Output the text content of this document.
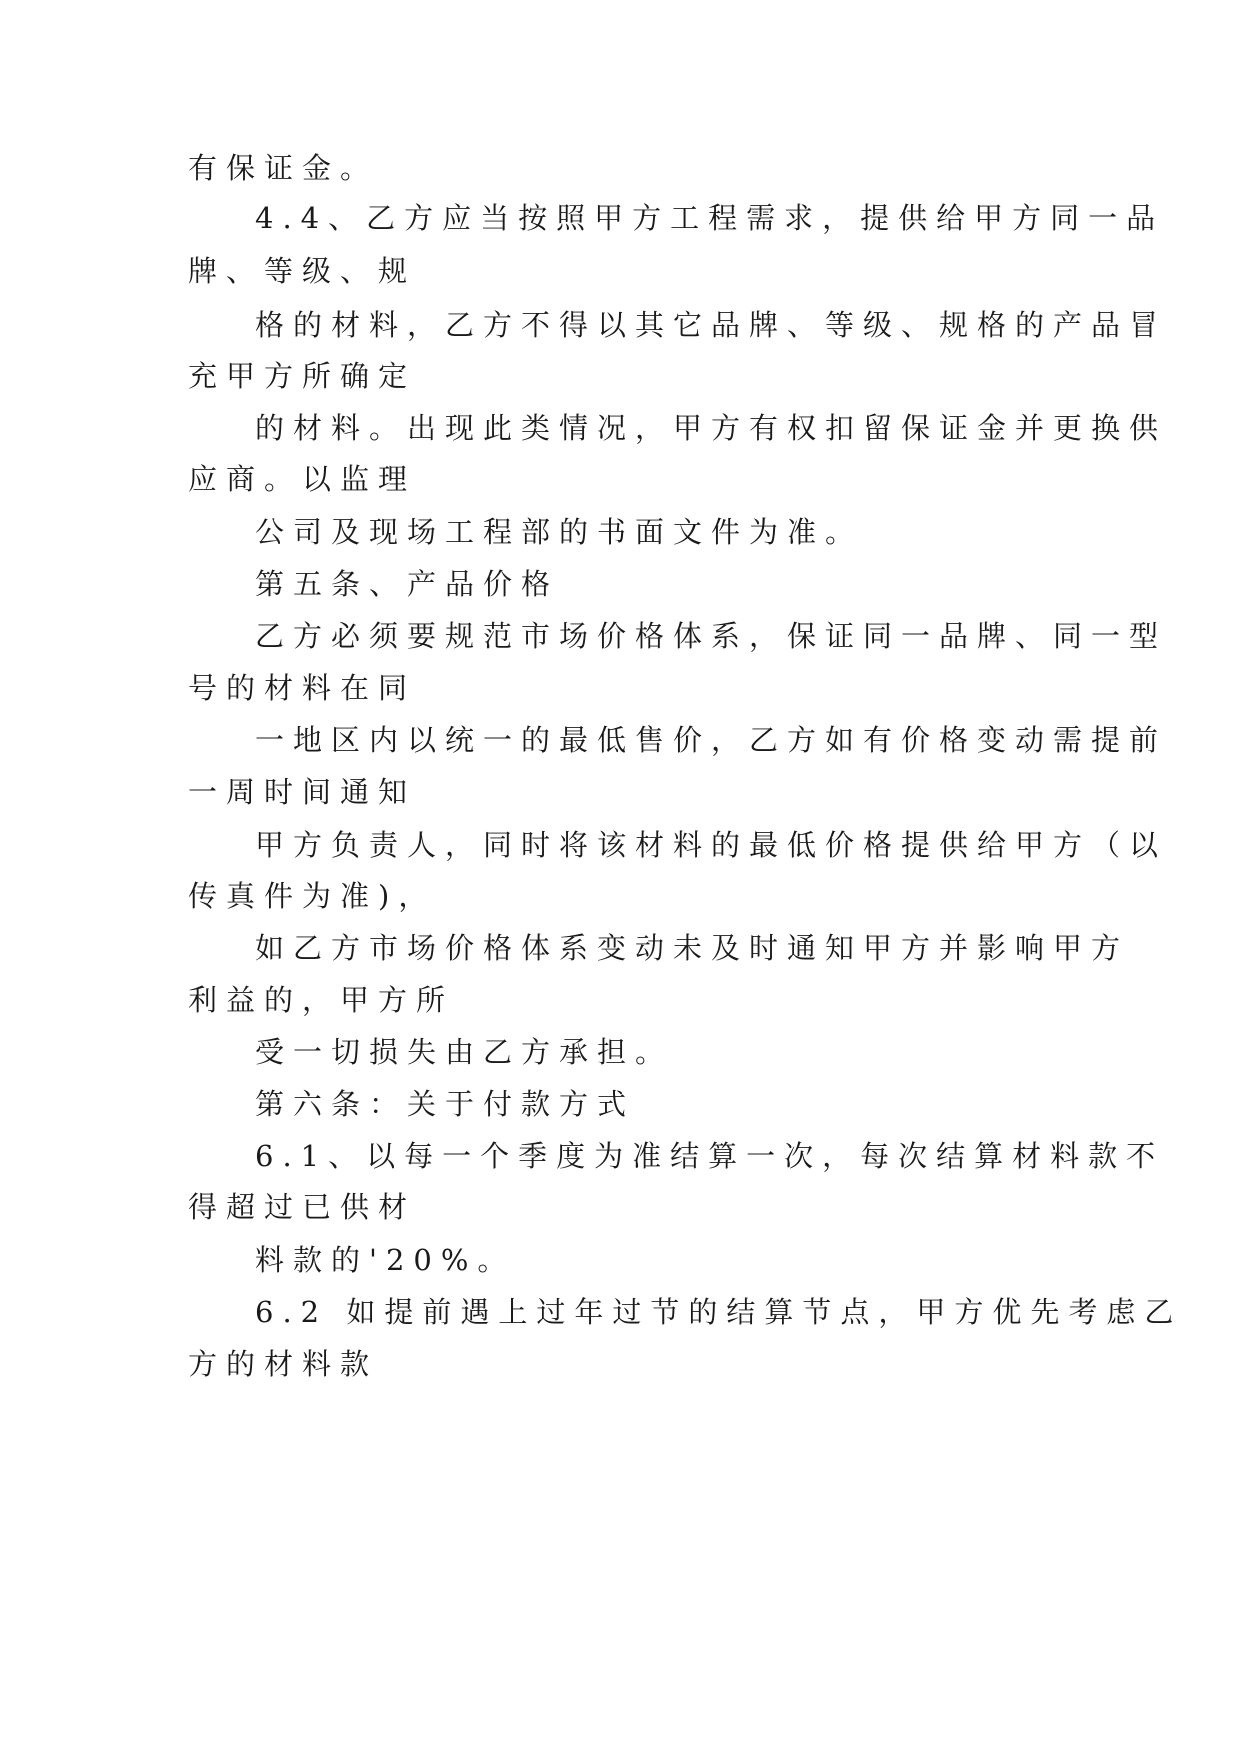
有保证金。
4.4、乙方应当按照甲方工程需求，提供给甲方同一品
牌、等级、规
格的材料，乙方不得以其它品牌、等级、规格的产品冒
充甲方所确定
的材料。出现此类情况，甲方有权扣留保证金并更换供
应商。以监理
公司及现场工程部的书面文件为准。
第五条、产品价格
乙方必须要规范市场价格体系，保证同一品牌、同一型
号的材料在同
一地区内以统一的最低售价，乙方如有价格变动需提前
一周时间通知
甲方负责人，同时将该材料的最低价格提供给甲方（以
传真件为准)，
如乙方市场价格体系变动未及时通知甲方并影响甲方
利益的，甲方所
受一切损失由乙方承担。
第六条：关于付款方式
6.1、以每一个季度为准结算一次，每次结算材料款不
得超过已供材
料款的'20%。
6.2 如提前遇上过年过节的结算节点，甲方优先考虑乙
方的材料款
